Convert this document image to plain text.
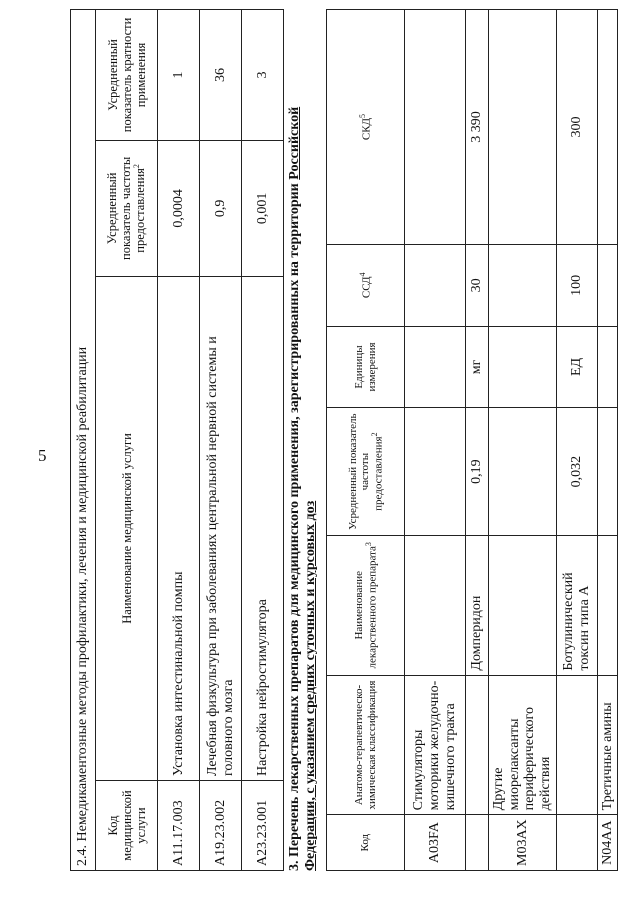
5 2.4. Немедикаментозные методы профилактики, лечения и медицинской реабилитации			
Код медицинской услуги	Наименование медицинской услуги	Усредненный показатель частоты предоставления$^2$	Усредненный показатель кратности применения
A11.17.003	Установка интестинальной помпы	0,0004	1
A19.23.002	Лечебная физкультура при заболеваниях центральной нервной системы и головного мозга	0,9	36
A23.23.001	Настройка нейростимулятора	0,001	3
3. Перечень лекарственных препаратов для медицинского применения, зарегистрированных на территории Российской Федерации, с указанием средних суточных и курсовых доз	Код	Анатомо-терапевтическо-химическая классификация	Наименование лекарственного препарата$^3$	Усредненный показатель частоты предоставления$^2$	Единицы измерения	ССД$^4$	СКД$^5$
A03FA	Стимуляторы моторики желудочно-кишечного тракта					
		Домперидон	0,19	мг	30	3 390
M03AX	Другие миорелаксанты периферического действия					
		Ботулинический токсин типа А	0,032	ЕД	100	300
N04AA	Третичные амины					
